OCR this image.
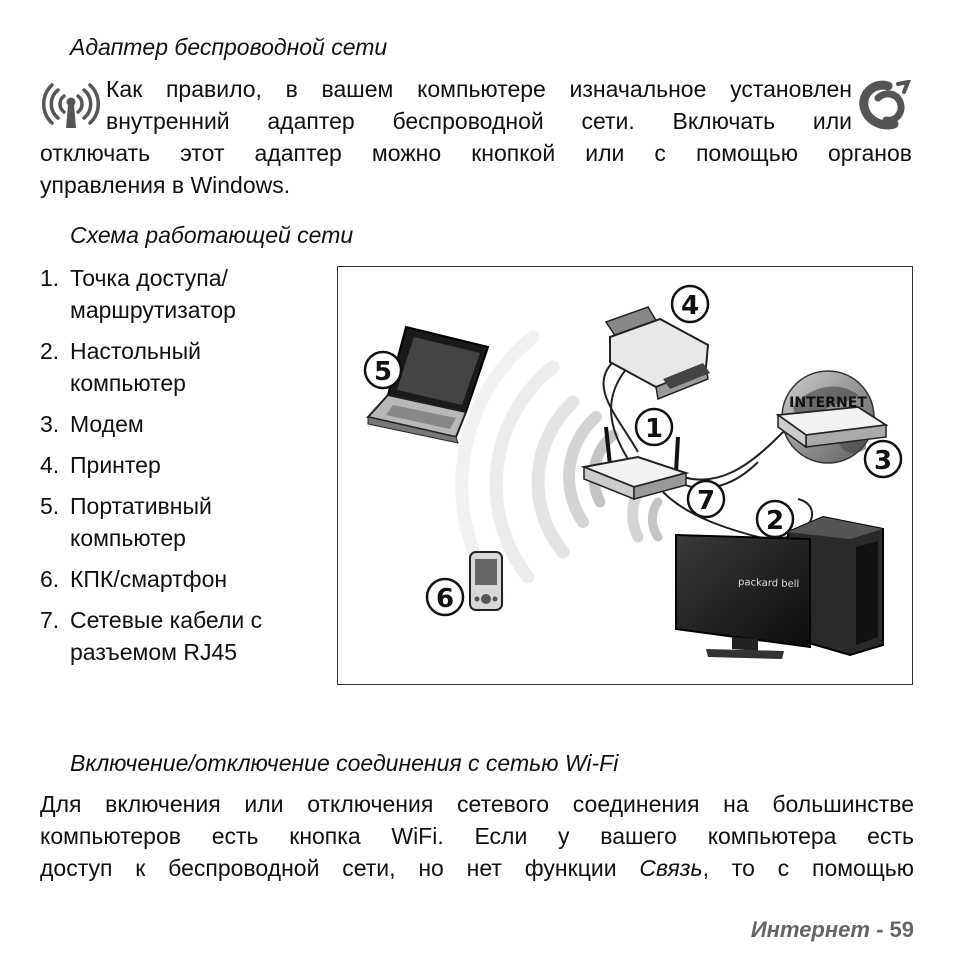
Адаптер беспроводной сети
Как правило, в вашем компьютере изначальное установлен
внутренний адаптер беспроводной сети. Включать или
отключать этот адаптер можно кнопкой или с помощью органов
управления в Windows.
Схема работающей сети
1. Точка доступа/
маршрутизатор
2. Настольный
компьютер
3. Модем
4. Принтер
5. Портативный
компьютер
6. КПК/смартфон
7. Сетевые кабели с
разъемом RJ45
INTERNET
packard bell
1
2
3
4
5
6
7
Включение/отключение соединения с сетью Wi-Fi
Для включения или отключения сетевого соединения на большинстве
компьютеров есть кнопка WiFi. Если у вашего компьютера есть
доступ к беспроводной сети, но нет функции Связь, то с помощью
Интернет - 59
